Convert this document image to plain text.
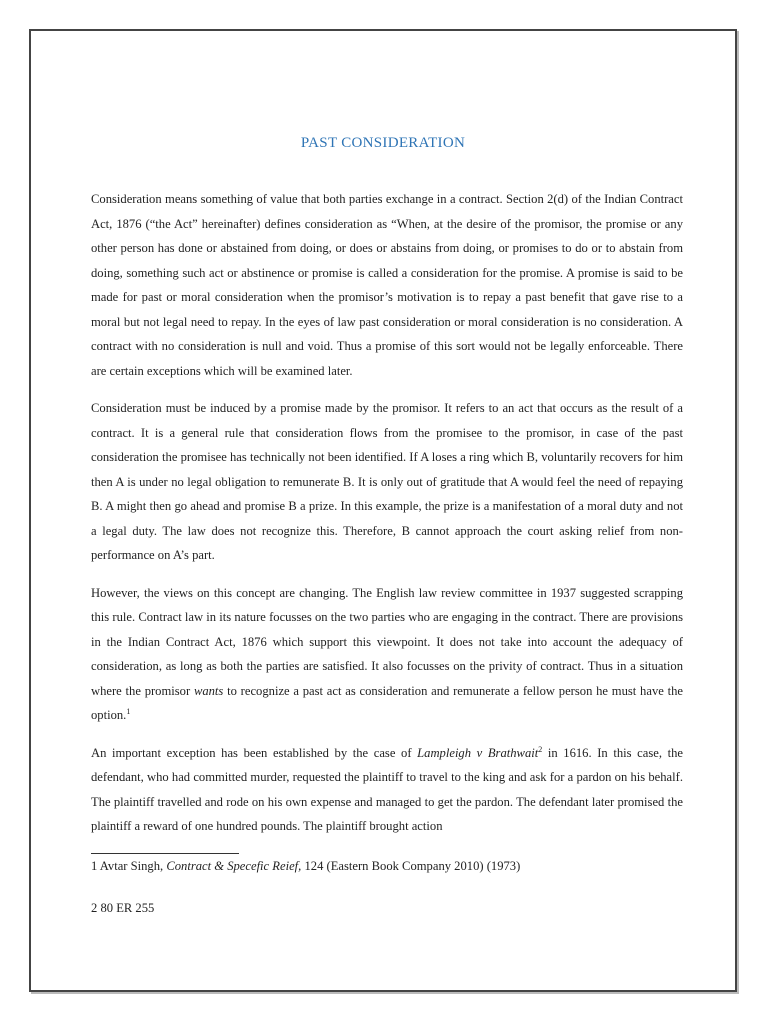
PAST CONSIDERATION

Consideration means something of value that both parties exchange in a contract. Section 2(d) of the Indian Contract Act, 1876 (“the Act” hereinafter) defines consideration as “When, at the desire of the promisor, the promise or any other person has done or abstained from doing, or does or abstains from doing, or promises to do or to abstain from doing, something such act or abstinence or promise is called a consideration for the promise. A promise is said to be made for past or moral consideration when the promisor’s motivation is to repay a past benefit that gave rise to a moral but not legal need to repay. In the eyes of law past consideration or moral consideration is no consideration. A contract with no consideration is null and void. Thus a promise of this sort would not be legally enforceable. There are certain exceptions which will be examined later.

Consideration must be induced by a promise made by the promisor. It refers to an act that occurs as the result of a contract. It is a general rule that consideration flows from the promisee to the promisor, in case of the past consideration the promisee has technically not been identified. If A loses a ring which B, voluntarily recovers for him then A is under no legal obligation to remunerate B. It is only out of gratitude that A would feel the need of repaying B. A might then go ahead and promise B a prize. In this example, the prize is a manifestation of a moral duty and not a legal duty. The law does not recognize this. Therefore, B cannot approach the court asking relief from non-performance on A’s part.

However, the views on this concept are changing. The English law review committee in 1937 suggested scrapping this rule. Contract law in its nature focusses on the two parties who are engaging in the contract. There are provisions in the Indian Contract Act, 1876 which support this viewpoint. It does not take into account the adequacy of consideration, as long as both the parties are satisfied. It also focusses on the privity of contract. Thus in a situation where the promisor wants to recognize a past act as consideration and remunerate a fellow person he must have the option.$^1$

An important exception has been established by the case of Lampleigh v Brathwait$^2$ in 1616. In this case, the defendant, who had committed murder, requested the plaintiff to travel to the king and ask for a pardon on his behalf. The plaintiff travelled and rode on his own expense and managed to get the pardon. The defendant later promised the plaintiff a reward of one hundred pounds. The plaintiff brought action

1 Avtar Singh, Contract & Specefic Reief, 124 (Eastern Book Company 2010) (1973)
2 80 ER 255
